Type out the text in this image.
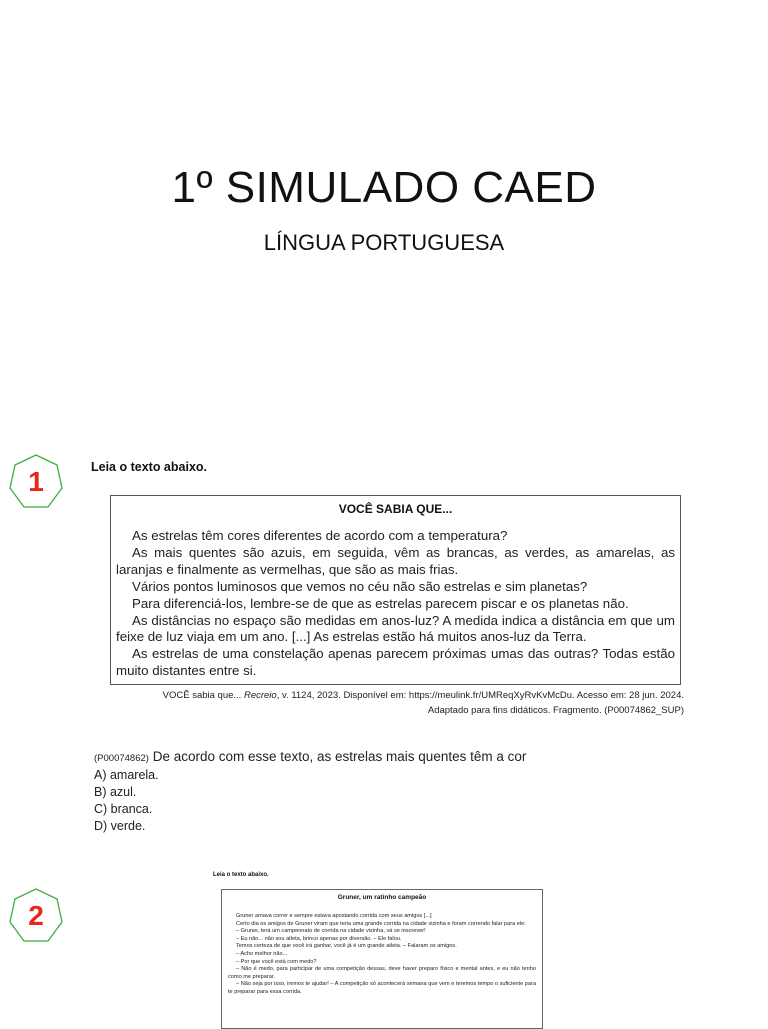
1º SIMULADO CAED
LÍNGUA PORTUGUESA
1	Leia o texto abaixo.
VOCÊ SABIA QUE...

As estrelas têm cores diferentes de acordo com a temperatura?

As mais quentes são azuis, em seguida, vêm as brancas, as verdes, as amarelas, as laranjas e finalmente as vermelhas, que são as mais frias.

Vários pontos luminosos que vemos no céu não são estrelas e sim planetas?

Para diferenciá-los, lembre-se de que as estrelas parecem piscar e os planetas não.

As distâncias no espaço são medidas em anos-luz? A medida indica a distância em que um feixe de luz viaja em um ano. [...] As estrelas estão há muitos anos-luz da Terra.

As estrelas de uma constelação apenas parecem próximas umas das outras? Todas estão muito distantes entre si.

VOCÊ sabia que... Recreio, v. 1124, 2023. Disponível em: https://meulink.fr/UMReqXyRvKvMcDu. Acesso em: 28 jun. 2024.
Adaptado para fins didáticos. Fragmento. (P00074862_SUP)
(P00074862) De acordo com esse texto, as estrelas mais quentes têm a cor
A) amarela.
B) azul.
C) branca.
D) verde.
2
Leia o texto abaixo.
Gruner, um ratinho campeão

Gruner amava correr e sempre estava apostando corrida com seus amigos [...]

Certo dia os amigos de Gruner viram que teria uma grande corrida na cidade vizinha e foram correndo falar para ele:

– Gruner, terá um campeonato de corrida na cidade vizinha, vá se inscrever!

– Eu não... não sou atleta, brinco apenas por diversão. – Ele falou.

Temos certeza de que você irá ganhar, você já é um grande atleta. – Falaram os amigos.

– Acho melhor não...

– Por que você está com medo?

– Não é medo, para participar de uma competição dessas, deve haver preparo físico e mental antes, e eu não tenho como me preparar.

– Não seja por isso, iremos te ajudar! – A competição só acontecerá semana que vem e teremos tempo o suficiente para te preparar para essa corrida.
